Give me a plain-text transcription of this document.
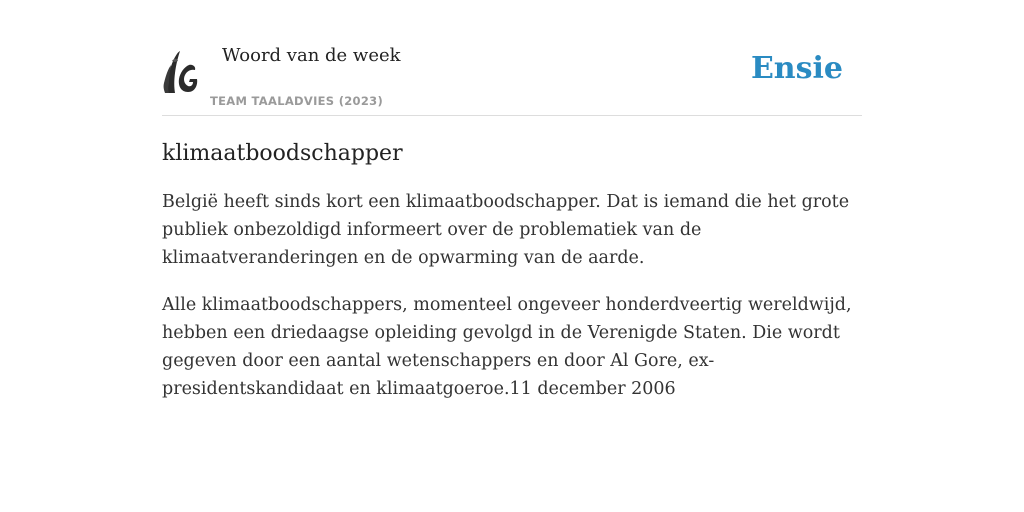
Woord van de week
TEAM TAALADVIES (2023)
Ensie
klimaatboodschapper

België heeft sinds kort een klimaatboodschapper. Dat is iemand die het grote publiek onbezoldigd informeert over de problematiek van de klimaatveranderingen en de opwarming van de aarde.

Alle klimaatboodschappers, momenteel ongeveer honderdveertig wereldwijd, hebben een driedaagse opleiding gevolgd in de Verenigde Staten. Die wordt gegeven door een aantal wetenschappers en door Al Gore, ex-presidentskandidaat en klimaatgoeroe.11 december 2006
